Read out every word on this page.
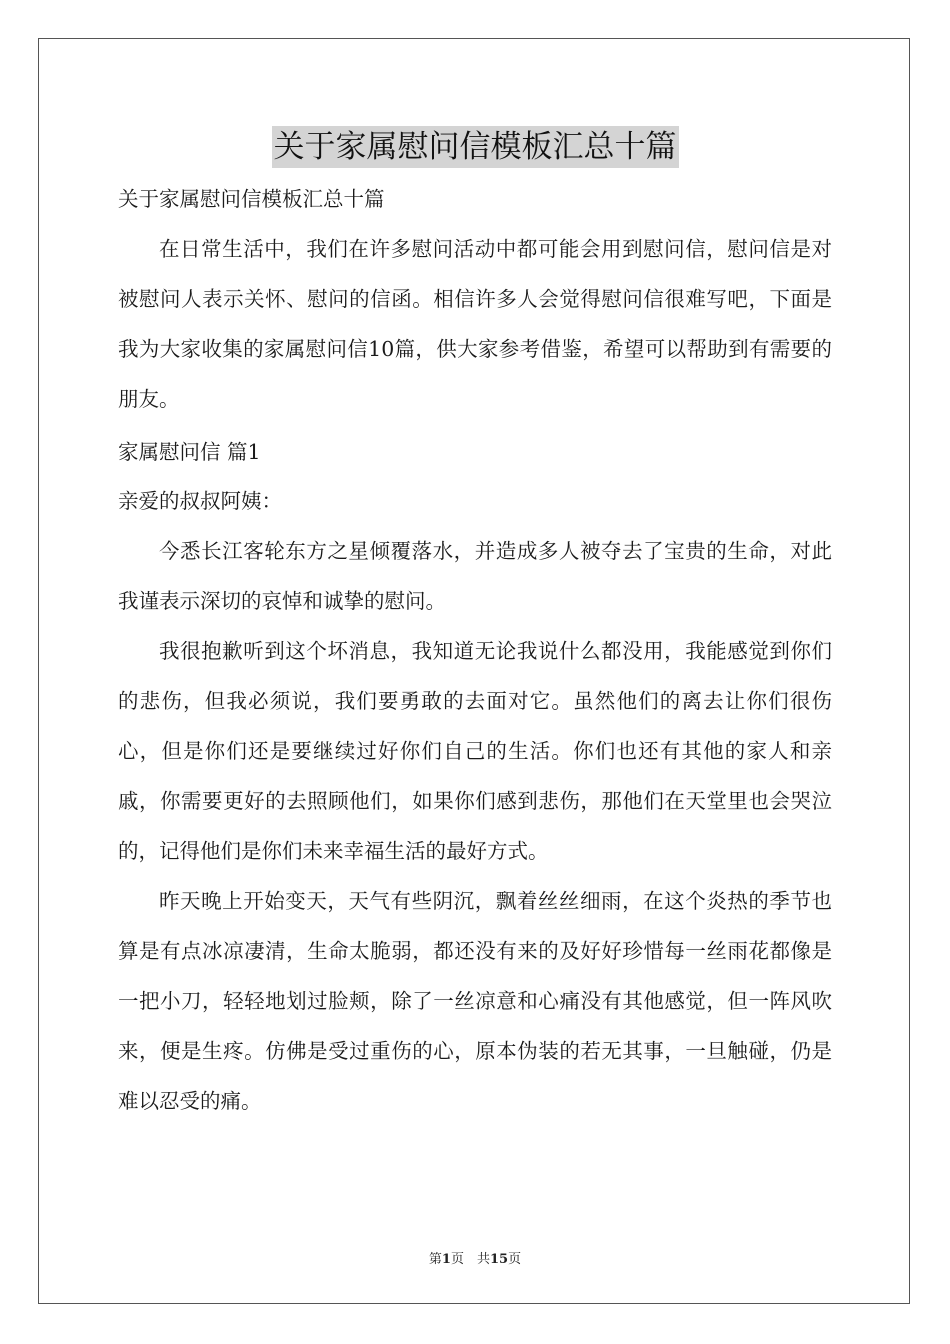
关于家属慰问信模板汇总十篇

关于家属慰问信模板汇总十篇

在日常生活中，我们在许多慰问活动中都可能会用到慰问信，慰问信是对被慰问人表示关怀、慰问的信函。相信许多人会觉得慰问信很难写吧，下面是我为大家收集的家属慰问信10篇，供大家参考借鉴，希望可以帮助到有需要的朋友。

家属慰问信 篇1

亲爱的叔叔阿姨：

今悉长江客轮东方之星倾覆落水，并造成多人被夺去了宝贵的生命，对此我谨表示深切的哀悼和诚挚的慰问。

我很抱歉听到这个坏消息，我知道无论我说什么都没用，我能感觉到你们的悲伤，但我必须说，我们要勇敢的去面对它。虽然他们的离去让你们很伤心，但是你们还是要继续过好你们自己的生活。你们也还有其他的家人和亲戚，你需要更好的去照顾他们，如果你们感到悲伤，那他们在天堂里也会哭泣的，记得他们是你们未来幸福生活的最好方式。

昨天晚上开始变天，天气有些阴沉，飘着丝丝细雨，在这个炎热的季节也算是有点冰凉凄清，生命太脆弱，都还没有来的及好好珍惜每一丝雨花都像是一把小刀，轻轻地划过脸颊，除了一丝凉意和心痛没有其他感觉，但一阵风吹来，便是生疼。仿佛是受过重伤的心，原本伪装的若无其事，一旦触碰，仍是难以忍受的痛。

第1页　共15页
